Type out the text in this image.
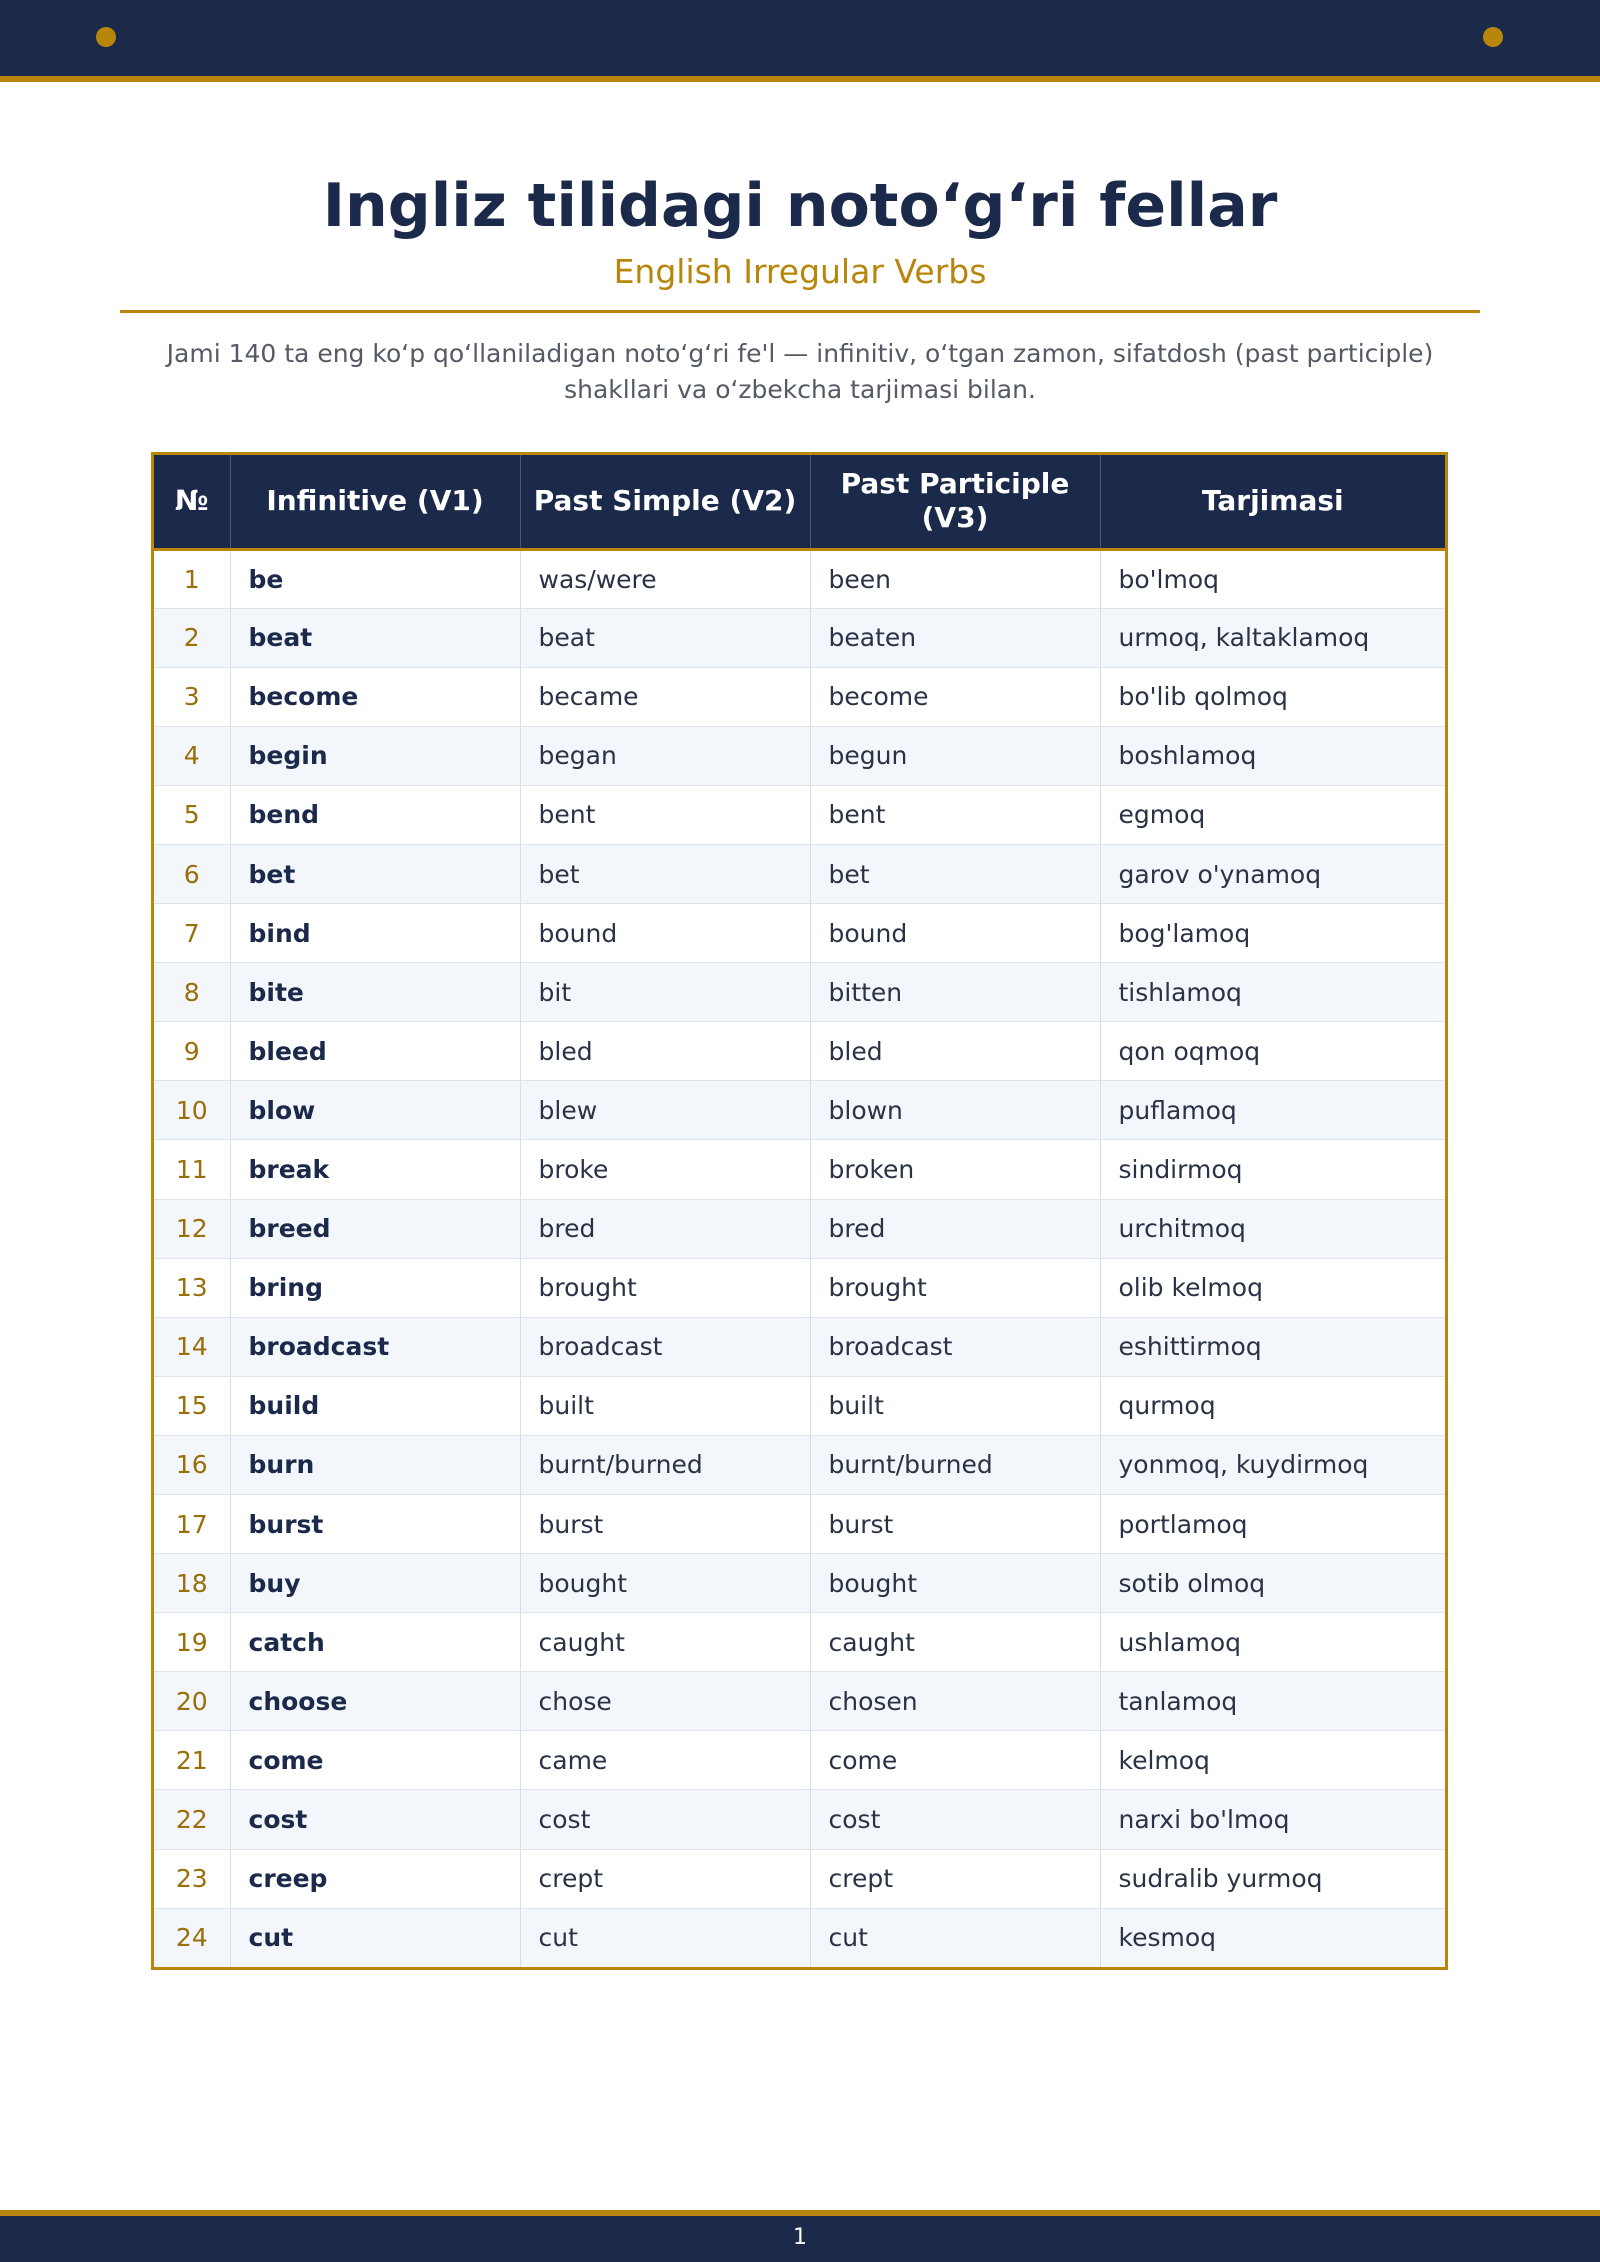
Ingliz tilidagi noto‘g‘ri fellar
English Irregular Verbs

Jami 140 ta eng ko‘p qo‘llaniladigan noto‘g‘ri fe'l — infinitiv, o‘tgan zamon, sifatdosh (past participle) shakllari va o‘zbekcha tarjimasi bilan.

№	Infinitive (V1)	Past Simple (V2)	Past Participle (V3)	Tarjimasi
1	be	was/were	been	bo'lmoq
2	beat	beat	beaten	urmoq, kaltaklamoq
3	become	became	become	bo'lib qolmoq
4	begin	began	begun	boshlamoq
5	bend	bent	bent	egmoq
6	bet	bet	bet	garov o'ynamoq
7	bind	bound	bound	bog'lamoq
8	bite	bit	bitten	tishlamoq
9	bleed	bled	bled	qon oqmoq
10	blow	blew	blown	puflamoq
11	break	broke	broken	sindirmoq
12	breed	bred	bred	urchitmoq
13	bring	brought	brought	olib kelmoq
14	broadcast	broadcast	broadcast	eshittirmoq
15	build	built	built	qurmoq
16	burn	burnt/burned	burnt/burned	yonmoq, kuydirmoq
17	burst	burst	burst	portlamoq
18	buy	bought	bought	sotib olmoq
19	catch	caught	caught	ushlamoq
20	choose	chose	chosen	tanlamoq
21	come	came	come	kelmoq
22	cost	cost	cost	narxi bo'lmoq
23	creep	crept	crept	sudralib yurmoq
24	cut	cut	cut	kesmoq
1
